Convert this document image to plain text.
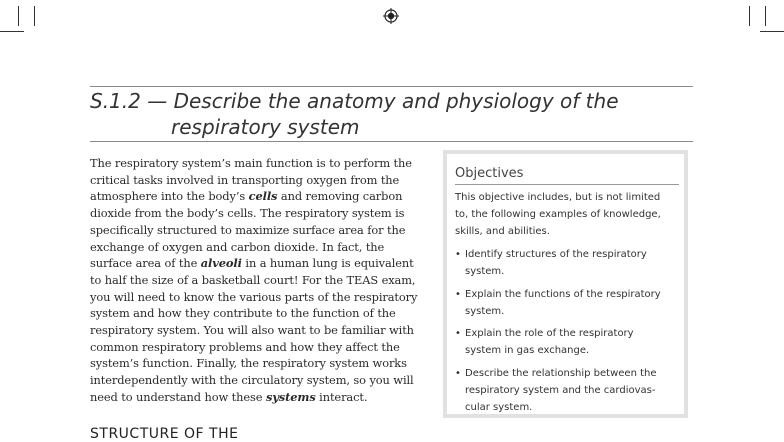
S.1.2 — Describe the anatomy and physiology of the
respiratory system

The respiratory system’s main function is to perform the
critical tasks involved in transporting oxygen from the
atmosphere into the body’s cells and removing carbon
dioxide from the body’s cells. The respiratory system is
specifically structured to maximize surface area for the
exchange of oxygen and carbon dioxide. In fact, the
surface area of the alveoli in a human lung is equivalent
to half the size of a basketball court! For the TEAS exam,
you will need to know the various parts of the respiratory
system and how they contribute to the function of the
respiratory system. You will also want to be familiar with
common respiratory problems and how they affect the
system’s function. Finally, the respiratory system works
interdependently with the circulatory system, so you will
need to understand how these systems interact.

Objectives

This objective includes, but is not limited
to, the following examples of knowledge,
skills, and abilities.

• Identify structures of the respiratory
system.
• Explain the functions of the respiratory
system.
• Explain the role of the respiratory
system in gas exchange.
• Describe the relationship between the
respiratory system and the cardiovas-
cular system.
STRUCTURE OF THE
